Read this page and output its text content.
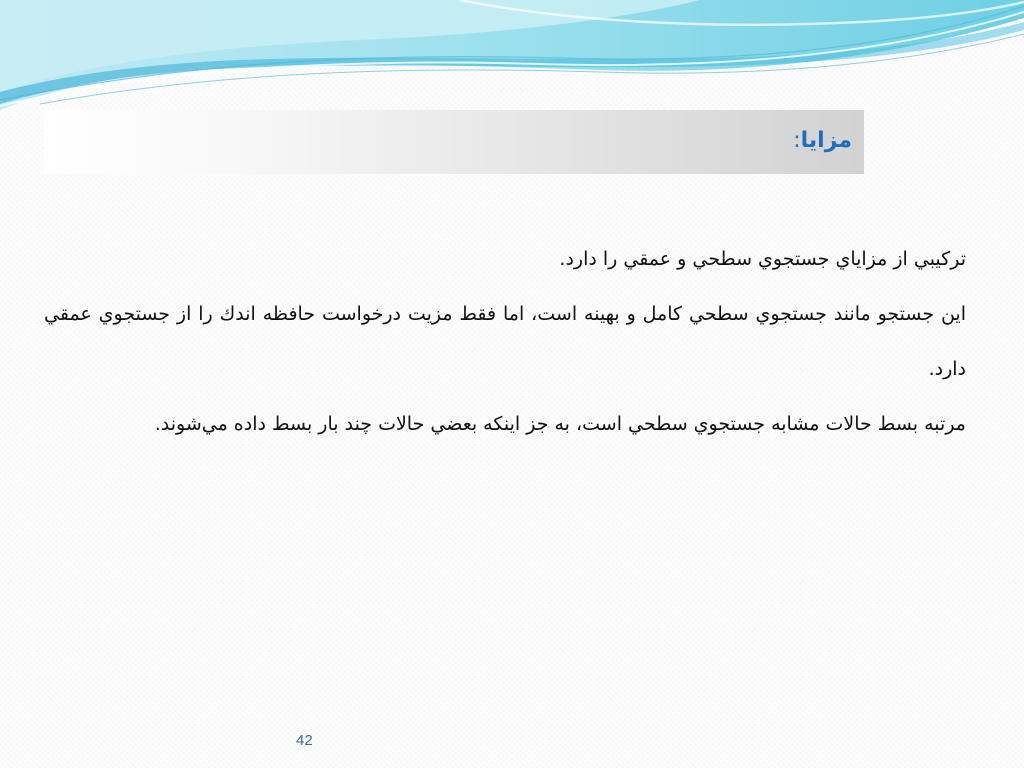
مزايا:

تركيبي از مزاياي جستجوي سطحي و عمقي را دارد.

اين جستجو مانند جستجوي سطحي كامل و بهينه است، اما فقط مزيت درخواست حافظه اندك را از جستجوي عمقي دارد.

مرتبه بسط حالات مشابه جستجوي سطحي است، به جز اينكه بعضي حالات چند بار بسط داده مي‌شوند.

42
